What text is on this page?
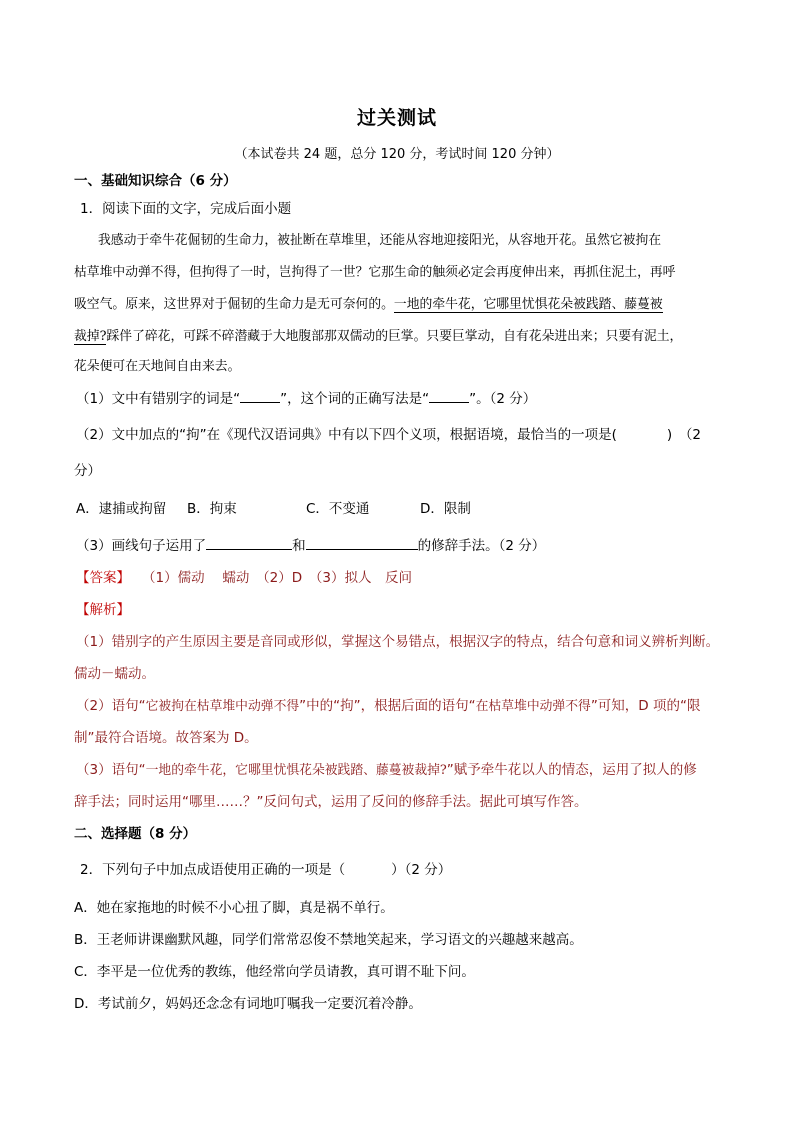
过关测试
（本试卷共 24 题，总分 120 分，考试时间 120 分钟）
一、基础知识综合（6 分）
1．阅读下面的文字，完成后面小题
我感动于牵牛花倔韧的生命力，被扯断在草堆里，还能从容地迎接阳光，从容地开花。虽然它被拘在
枯草堆中动弹不得，但拘得了一时，岂拘得了一世？它那生命的触须必定会再度伸出来，再抓住泥土，再呼
吸空气。原来，这世界对于倔韧的生命力是无可奈何的。一地的牵牛花，它哪里忧惧花朵被践踏、藤蔓被
裁掉?踩伴了碎花，可踩不碎潜藏于大地腹部那双儒动的巨掌。只要巨掌动，自有花朵进出来；只要有泥土，
花朵便可在天地间自由来去。
（1）文中有错别字的词是“	”，这个词的正确写法是“	”。（2 分）
（2）文中加点的“拘”在《现代汉语词典》中有以下四个义项，根据语境，最恰当的一项是(	)　（2
分）
A．逮捕或拘留 B．拘束	C．不变通	D．限制
（3）画线句子运用了	和	的修辞手法。（2 分）
【答案】 （1）儒动　 蠕动　（2）D　（3）拟人　反问
【解析】
（1）错别字的产生原因主要是音同或形似，掌握这个易错点，根据汉字的特点，结合句意和词义辨析判断。
儒动－蠕动。
（2）语句“它被拘在枯草堆中动弹不得”中的“拘”，根据后面的语句“在枯草堆中动弹不得”可知，D 项的“限
制”最符合语境。故答案为 D。
（3）语句“一地的牵牛花，它哪里忧惧花朵被践踏、藤蔓被裁掉?”赋予牵牛花以人的情态，运用了拟人的修
辞手法；同时运用“哪里……？”反问句式，运用了反问的修辞手法。据此可填写作答。
二、选择题（8 分）
2．下列句子中加点成语使用正确的一项是（	）（2 分）
A．她在家拖地的时候不小心扭了脚，真是祸不单行。
B．王老师讲课幽默风趣，同学们常常忍俊不禁地笑起来，学习语文的兴趣越来越高。
C．李平是一位优秀的教练，他经常向学员请教，真可谓不耻下问。
D．考试前夕，妈妈还念念有词地叮嘱我一定要沉着冷静。
